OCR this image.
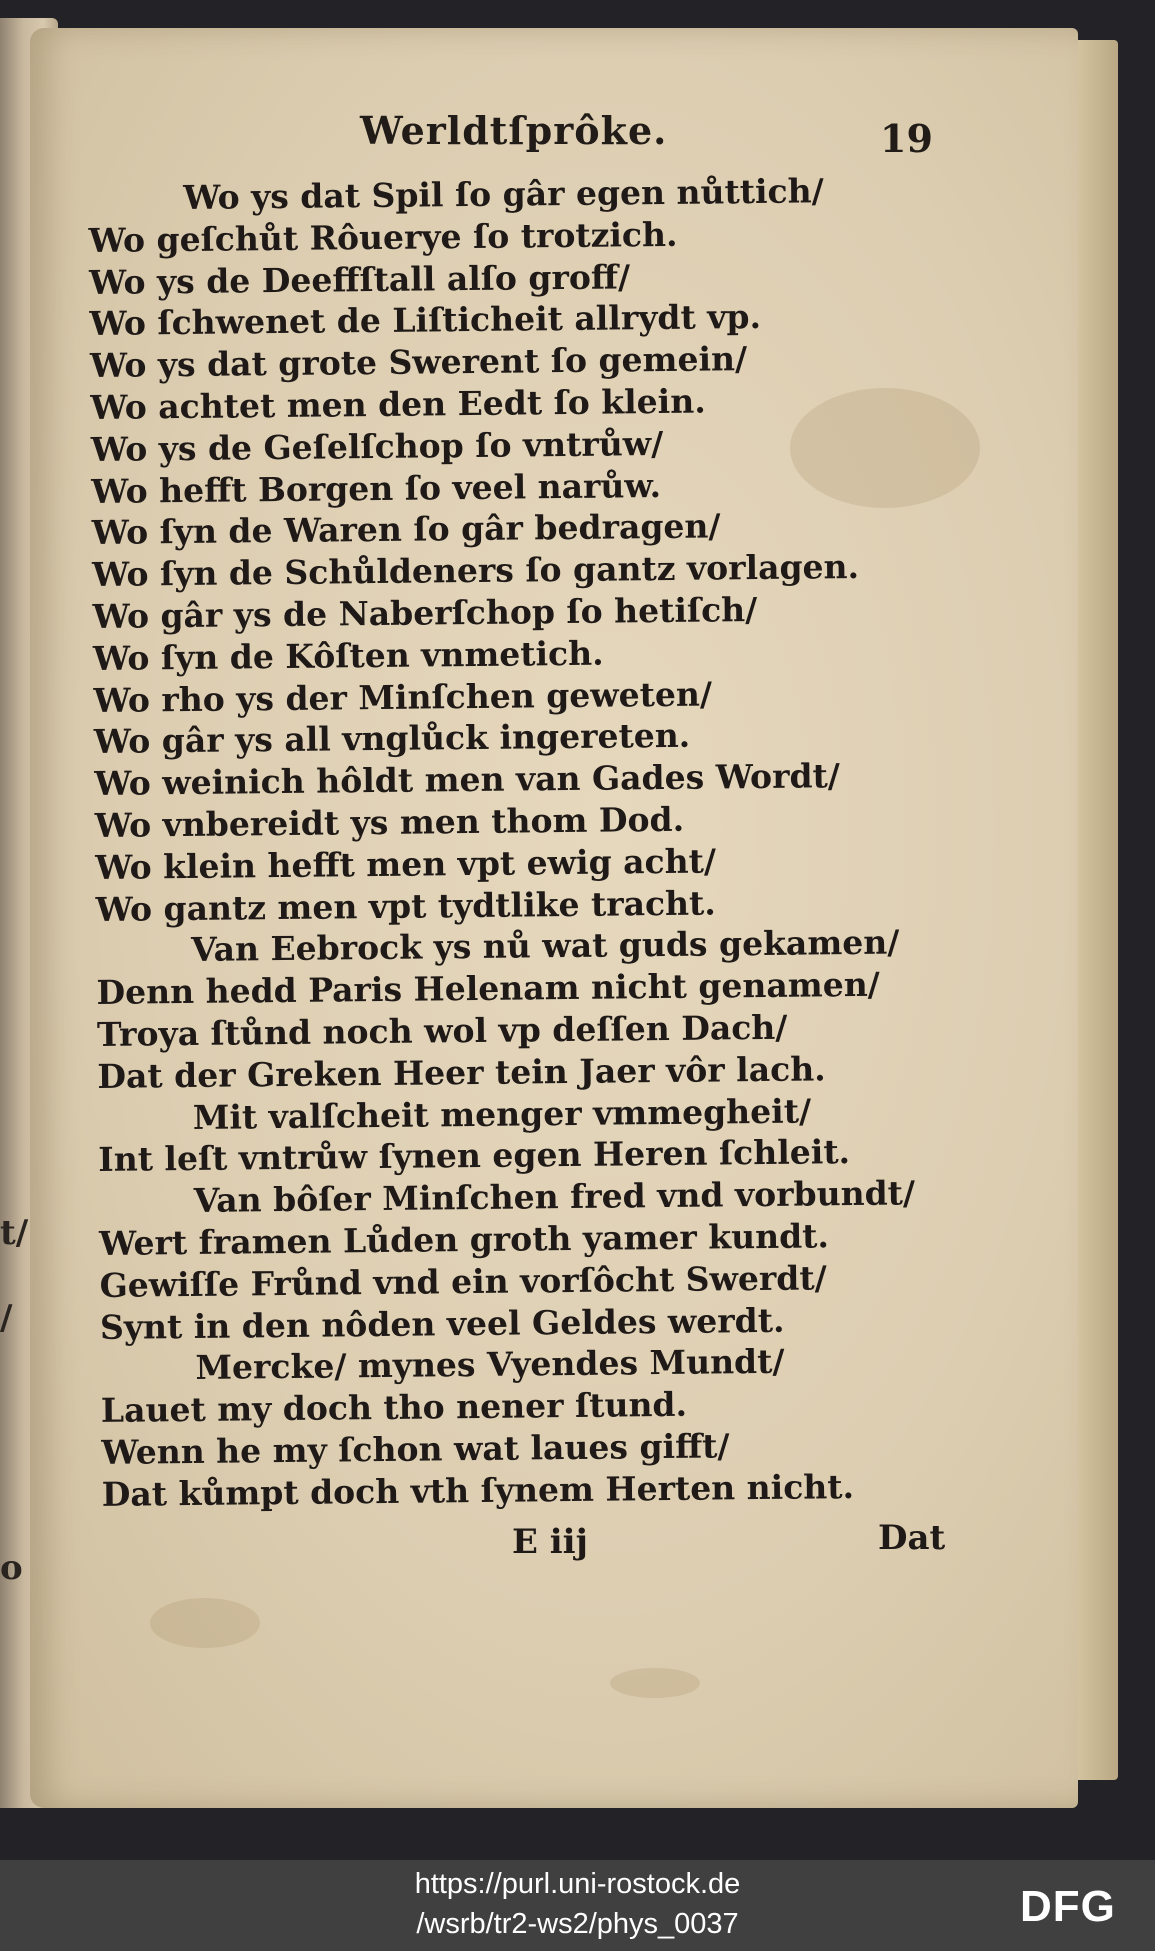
t/
/
o
Werldtſprôke.	19
Wo ys dat Spil ſo gâr egen nůttich/
Wo geſchůt Rôuerye ſo trotzich.
Wo ys de Deeffſtall alſo groff/
Wo ſchwenet de Liſticheit allrydt vp.
Wo ys dat grote Swerent ſo gemein/
Wo achtet men den Eedt ſo klein.
Wo ys de Geſelſchop ſo vntrůw/
Wo hefft Borgen ſo veel narůw.
Wo ſyn de Waren ſo gâr bedragen/
Wo ſyn de Schůldeners ſo gantz vorlagen.
Wo gâr ys de Naberſchop ſo hetiſch/
Wo ſyn de Kôſten vnmetich.
Wo rho ys der Minſchen geweten/
Wo gâr ys all vnglůck ingereten.
Wo weinich hôldt men van Gades Wordt/
Wo vnbereidt ys men thom Dod.
Wo klein hefft men vpt ewig acht/
Wo gantz men vpt tydtlike tracht.
Van Eebrock ys nů wat guds gekamen/
Denn hedd Paris Helenam nicht genamen/
Troya ſtůnd noch wol vp deſſen Dach/
Dat der Greken Heer tein Jaer vôr lach.
Mit valſcheit menger vmmegheit/
Int leſt vntrůw ſynen egen Heren ſchleit.
Van bôſer Minſchen fred vnd vorbundt/
Wert framen Lůden groth yamer kundt.
Gewiſſe Frůnd vnd ein vorſôcht Swerdt/
Synt in den nôden veel Geldes werdt.
Mercke/ mynes Vyendes Mundt/
Lauet my doch tho nener ſtund.
Wenn he my ſchon wat laues gifft/
Dat kůmpt doch vth ſynem Herten nicht.
E iij	Dat
https://purl.uni-rostock.de
/wsrb/tr2-ws2/phys_0037	DFG
